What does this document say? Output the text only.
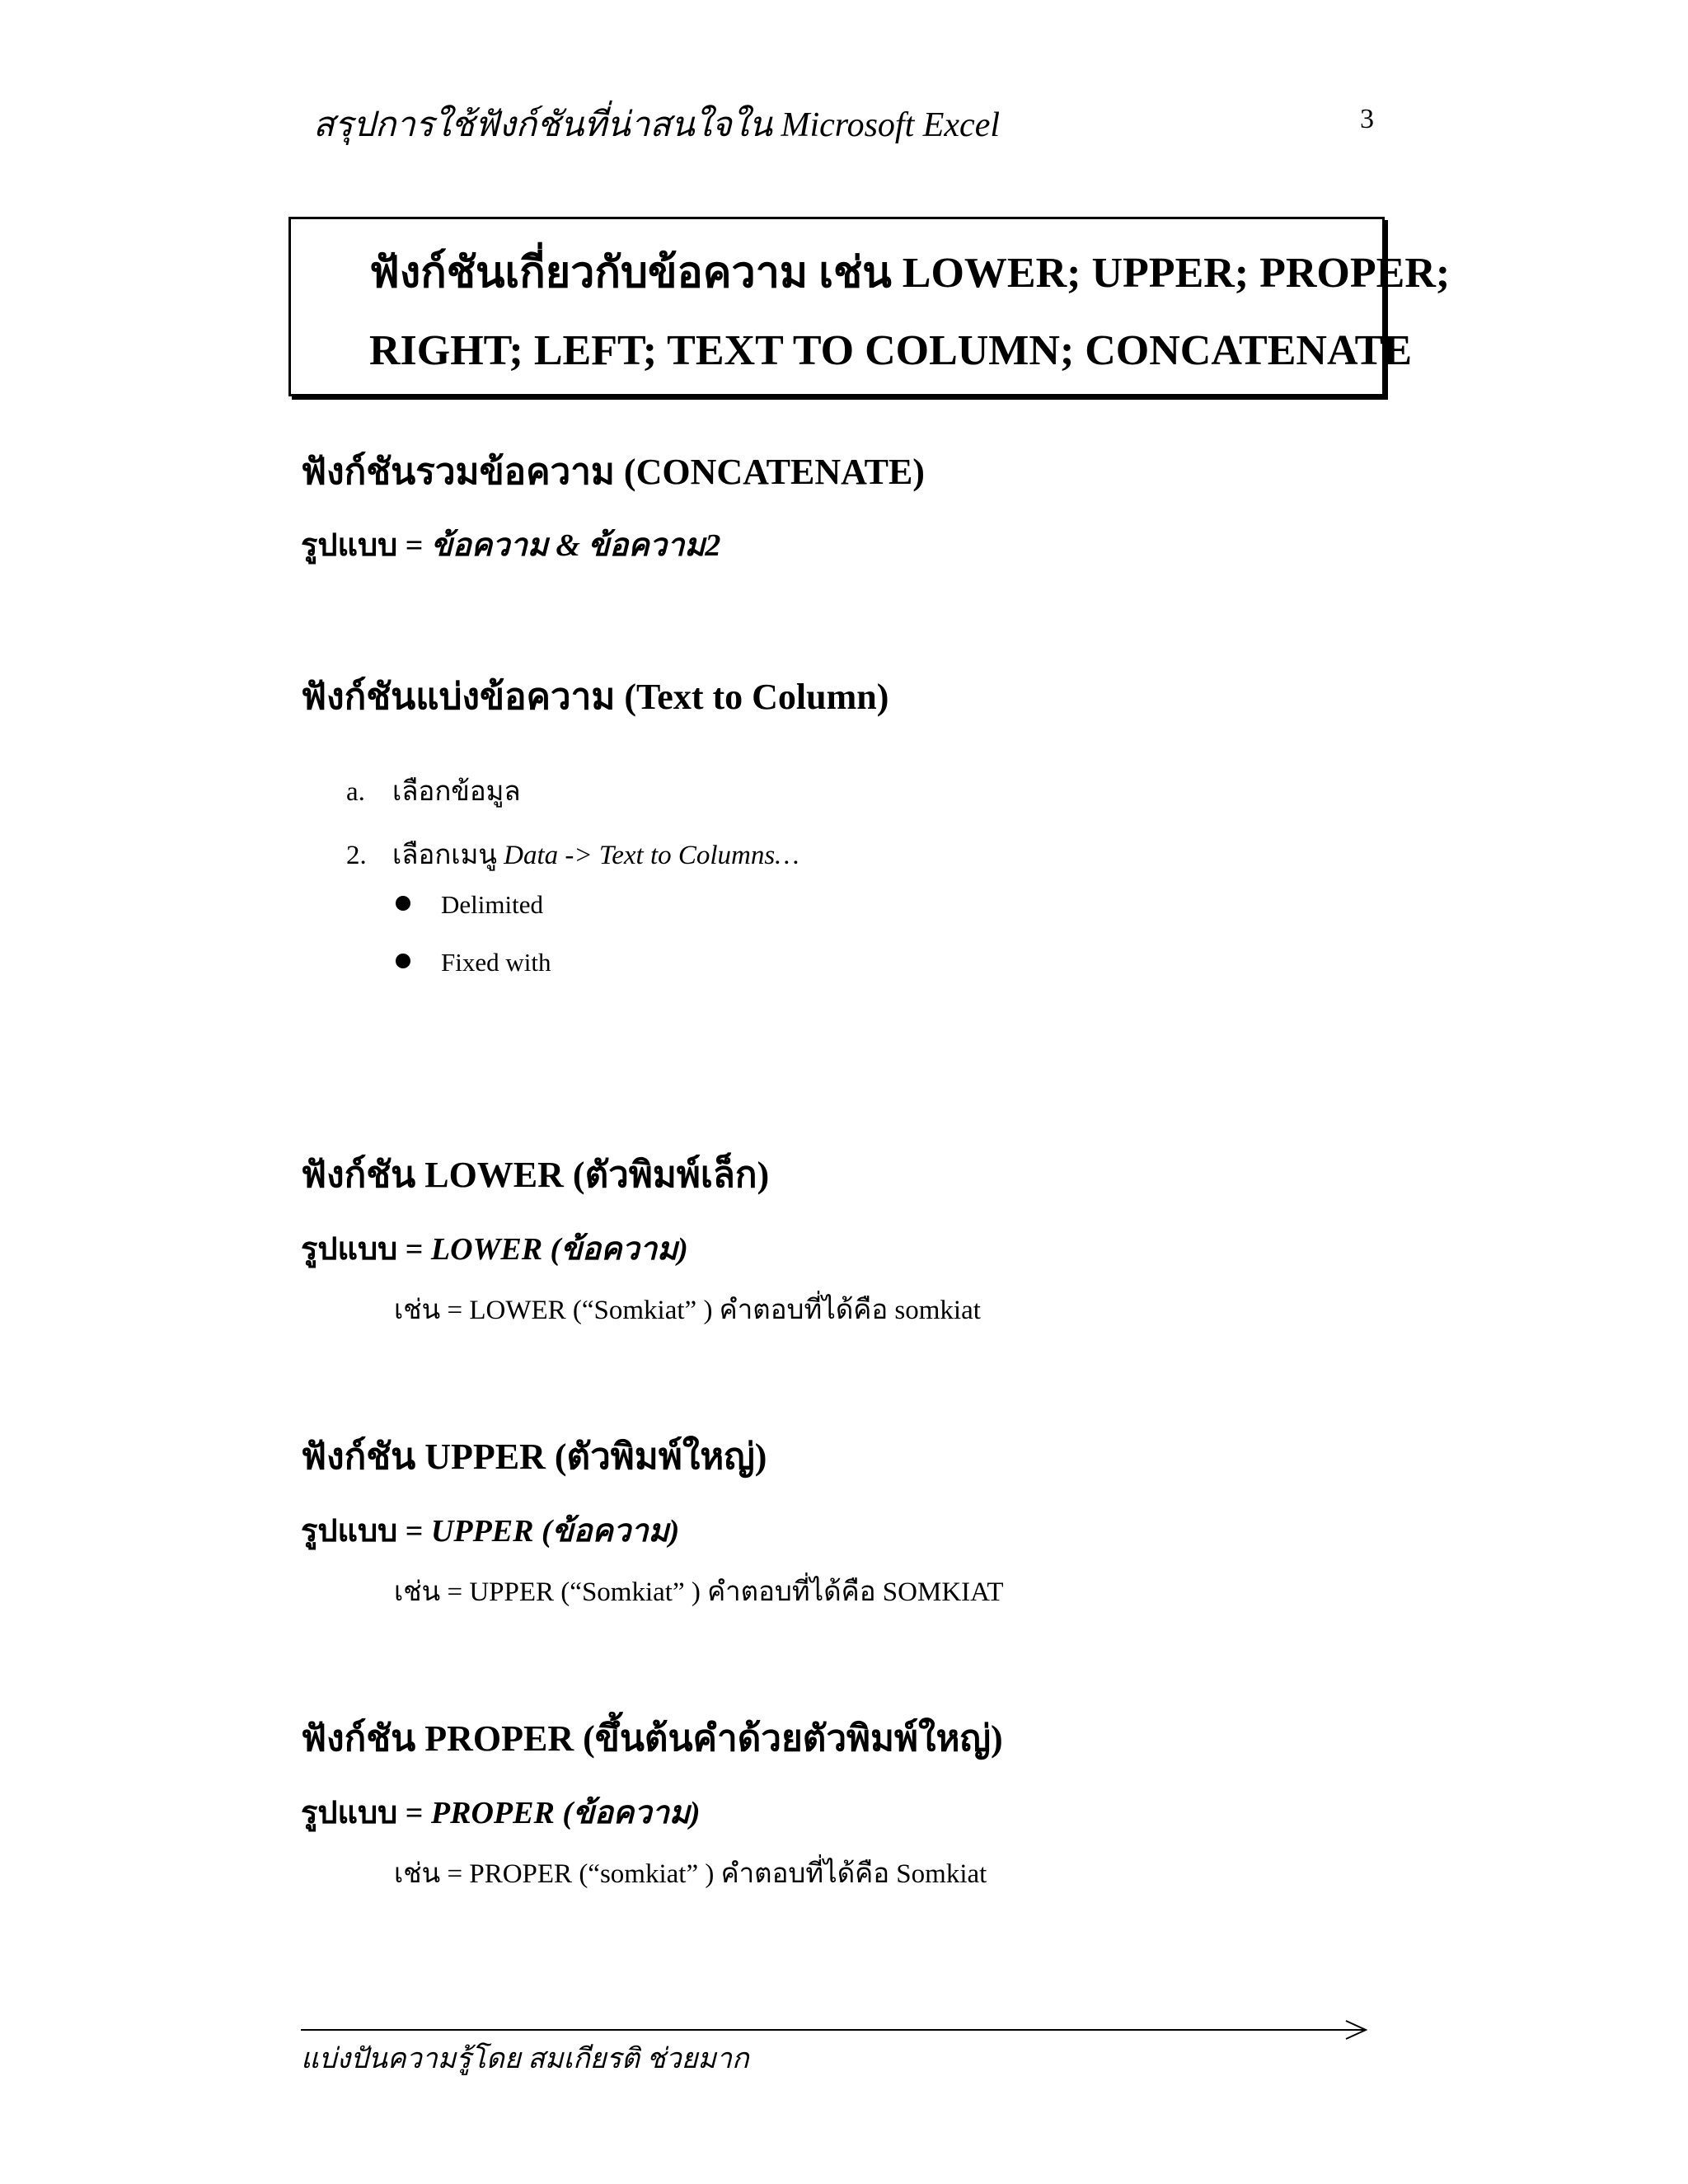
สรุปการใช้ฟังก์ชันที่น่าสนใจใน Microsoft Excel	3
ฟังก์ชันเกี่ยวกับข้อความ เช่น LOWER; UPPER; PROPER;
RIGHT; LEFT; TEXT TO COLUMN; CONCATENATE
ฟังก์ชันรวมข้อความ (CONCATENATE)
รูปแบบ = ข้อความ & ข้อความ2
ฟังก์ชันแบ่งข้อความ (Text to Column)
a. เลือกข้อมูล
2. เลือกเมนู Data -> Text to Columns…
Delimited
Fixed with
ฟังก์ชัน LOWER (ตัวพิมพ์เล็ก)
รูปแบบ = LOWER (ข้อความ)
เช่น = LOWER (“Somkiat” ) คำตอบที่ได้คือ somkiat
ฟังก์ชัน UPPER (ตัวพิมพ์ใหญ่)
รูปแบบ = UPPER (ข้อความ)
เช่น = UPPER (“Somkiat” ) คำตอบที่ได้คือ SOMKIAT
ฟังก์ชัน PROPER (ขึ้นต้นคำด้วยตัวพิมพ์ใหญ่)
รูปแบบ = PROPER (ข้อความ)
เช่น = PROPER (“somkiat” ) คำตอบที่ได้คือ Somkiat
แบ่งปันความรู้โดย สมเกียรติ ช่วยมาก
